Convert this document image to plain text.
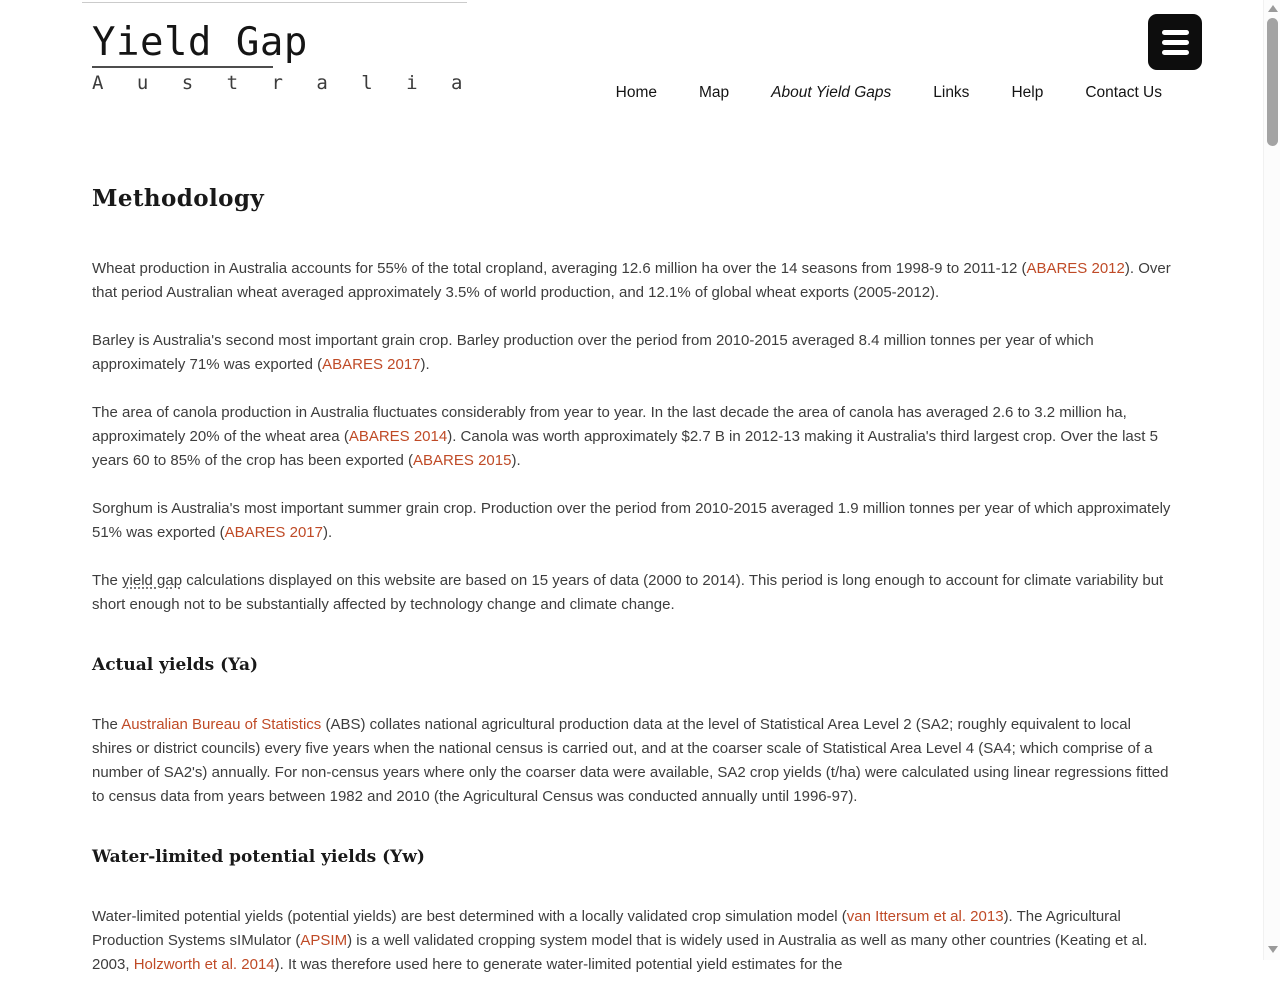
Yield Gap
A u s t r a l i a	Home	Map	About Yield Gaps	Links	Help	Contact Us
Methodology

Wheat production in Australia accounts for 55% of the total cropland, averaging 12.6 million ha over the 14 seasons from 1998-9 to 2011-12 (ABARES 2012). Over that period Australian wheat averaged approximately 3.5% of world production, and 12.1% of global wheat exports (2005-2012).

Barley is Australia's second most important grain crop. Barley production over the period from 2010-2015 averaged 8.4 million tonnes per year of which approximately 71% was exported (ABARES 2017).

The area of canola production in Australia fluctuates considerably from year to year. In the last decade the area of canola has averaged 2.6 to 3.2 million ha, approximately 20% of the wheat area (ABARES 2014). Canola was worth approximately $2.7 B in 2012-13 making it Australia's third largest crop. Over the last 5 years 60 to 85% of the crop has been exported (ABARES 2015).

Sorghum is Australia's most important summer grain crop. Production over the period from 2010-2015 averaged 1.9 million tonnes per year of which approximately 51% was exported (ABARES 2017).

The yield gap calculations displayed on this website are based on 15 years of data (2000 to 2014). This period is long enough to account for climate variability but short enough not to be substantially affected by technology change and climate change.

Actual yields (Ya)

The Australian Bureau of Statistics (ABS) collates national agricultural production data at the level of Statistical Area Level 2 (SA2; roughly equivalent to local shires or district councils) every five years when the national census is carried out, and at the coarser scale of Statistical Area Level 4 (SA4; which comprise of a number of SA2's) annually. For non-census years where only the coarser data were available, SA2 crop yields (t/ha) were calculated using linear regressions fitted to census data from years between 1982 and 2010 (the Agricultural Census was conducted annually until 1996-97).

Water-limited potential yields (Yw)

Water-limited potential yields (potential yields) are best determined with a locally validated crop simulation model (van Ittersum et al. 2013). The Agricultural Production Systems sIMulator (APSIM) is a well validated cropping system model that is widely used in Australia as well as many other countries (Keating et al. 2003, Holzworth et al. 2014). It was therefore used here to generate water-limited potential yield estimates for the
